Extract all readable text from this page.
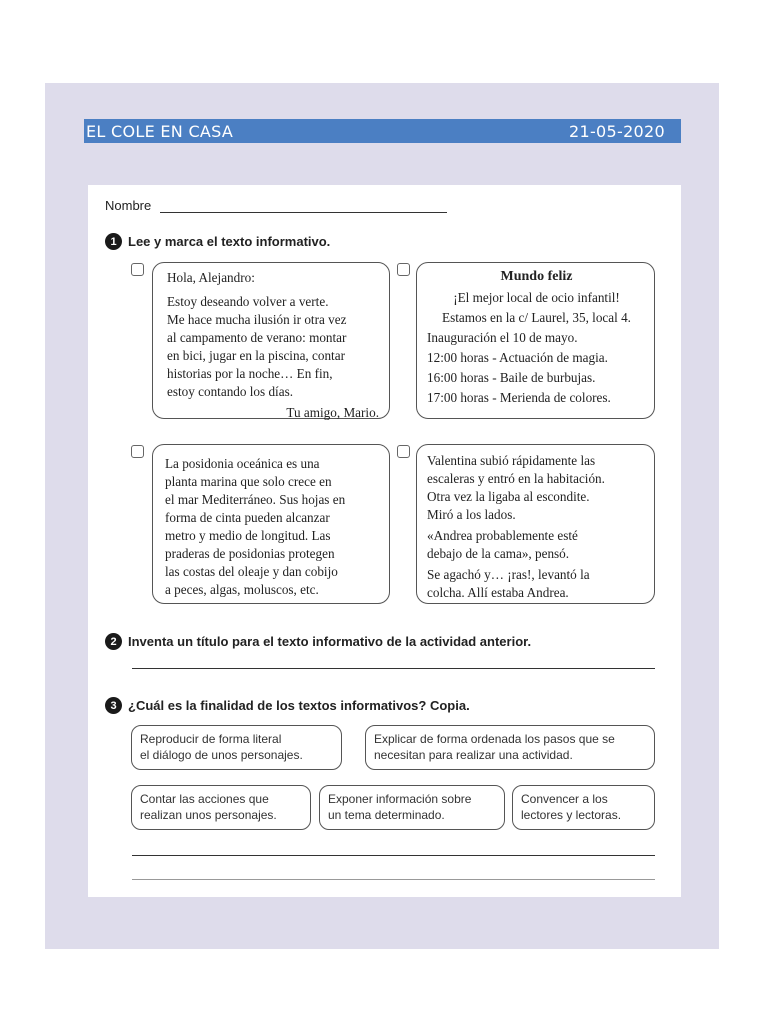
EL COLE EN CASA	21-05-2020
Nombre
1 Lee y marca el texto informativo.

Hola, Alejandro:

Estoy deseando volver a verte.

Me hace mucha ilusión ir otra vez

al campamento de verano: montar

en bici, jugar en la piscina, contar

historias por la noche… En fin,

estoy contando los días.

Tu amigo, Mario.

Mundo feliz

¡El mejor local de ocio infantil!

Estamos en la c/ Laurel, 35, local 4.

Inauguración el 10 de mayo.

12:00 horas - Actuación de magia.

16:00 horas - Baile de burbujas.

17:00 horas - Merienda de colores.

La posidonia oceánica es una

planta marina que solo crece en

el mar Mediterráneo. Sus hojas en

forma de cinta pueden alcanzar

metro y medio de longitud. Las

praderas de posidonias protegen

las costas del oleaje y dan cobijo

a peces, algas, moluscos, etc.

Valentina subió rápidamente las

escaleras y entró en la habitación.

Otra vez la ligaba al escondite.

Miró a los lados.

«Andrea probablemente esté

debajo de la cama», pensó.

Se agachó y… ¡ras!, levantó la

colcha. Allí estaba Andrea.

2 Inventa un título para el texto informativo de la actividad anterior.
3 ¿Cuál es la finalidad de los textos informativos? Copia.
Reproducir de forma literal
el diálogo de unos personajes.
Explicar de forma ordenada los pasos que se
necesitan para realizar una actividad.
Contar las acciones que
realizan unos personajes.
Exponer información sobre
un tema determinado.
Convencer a los
lectores y lectoras.
